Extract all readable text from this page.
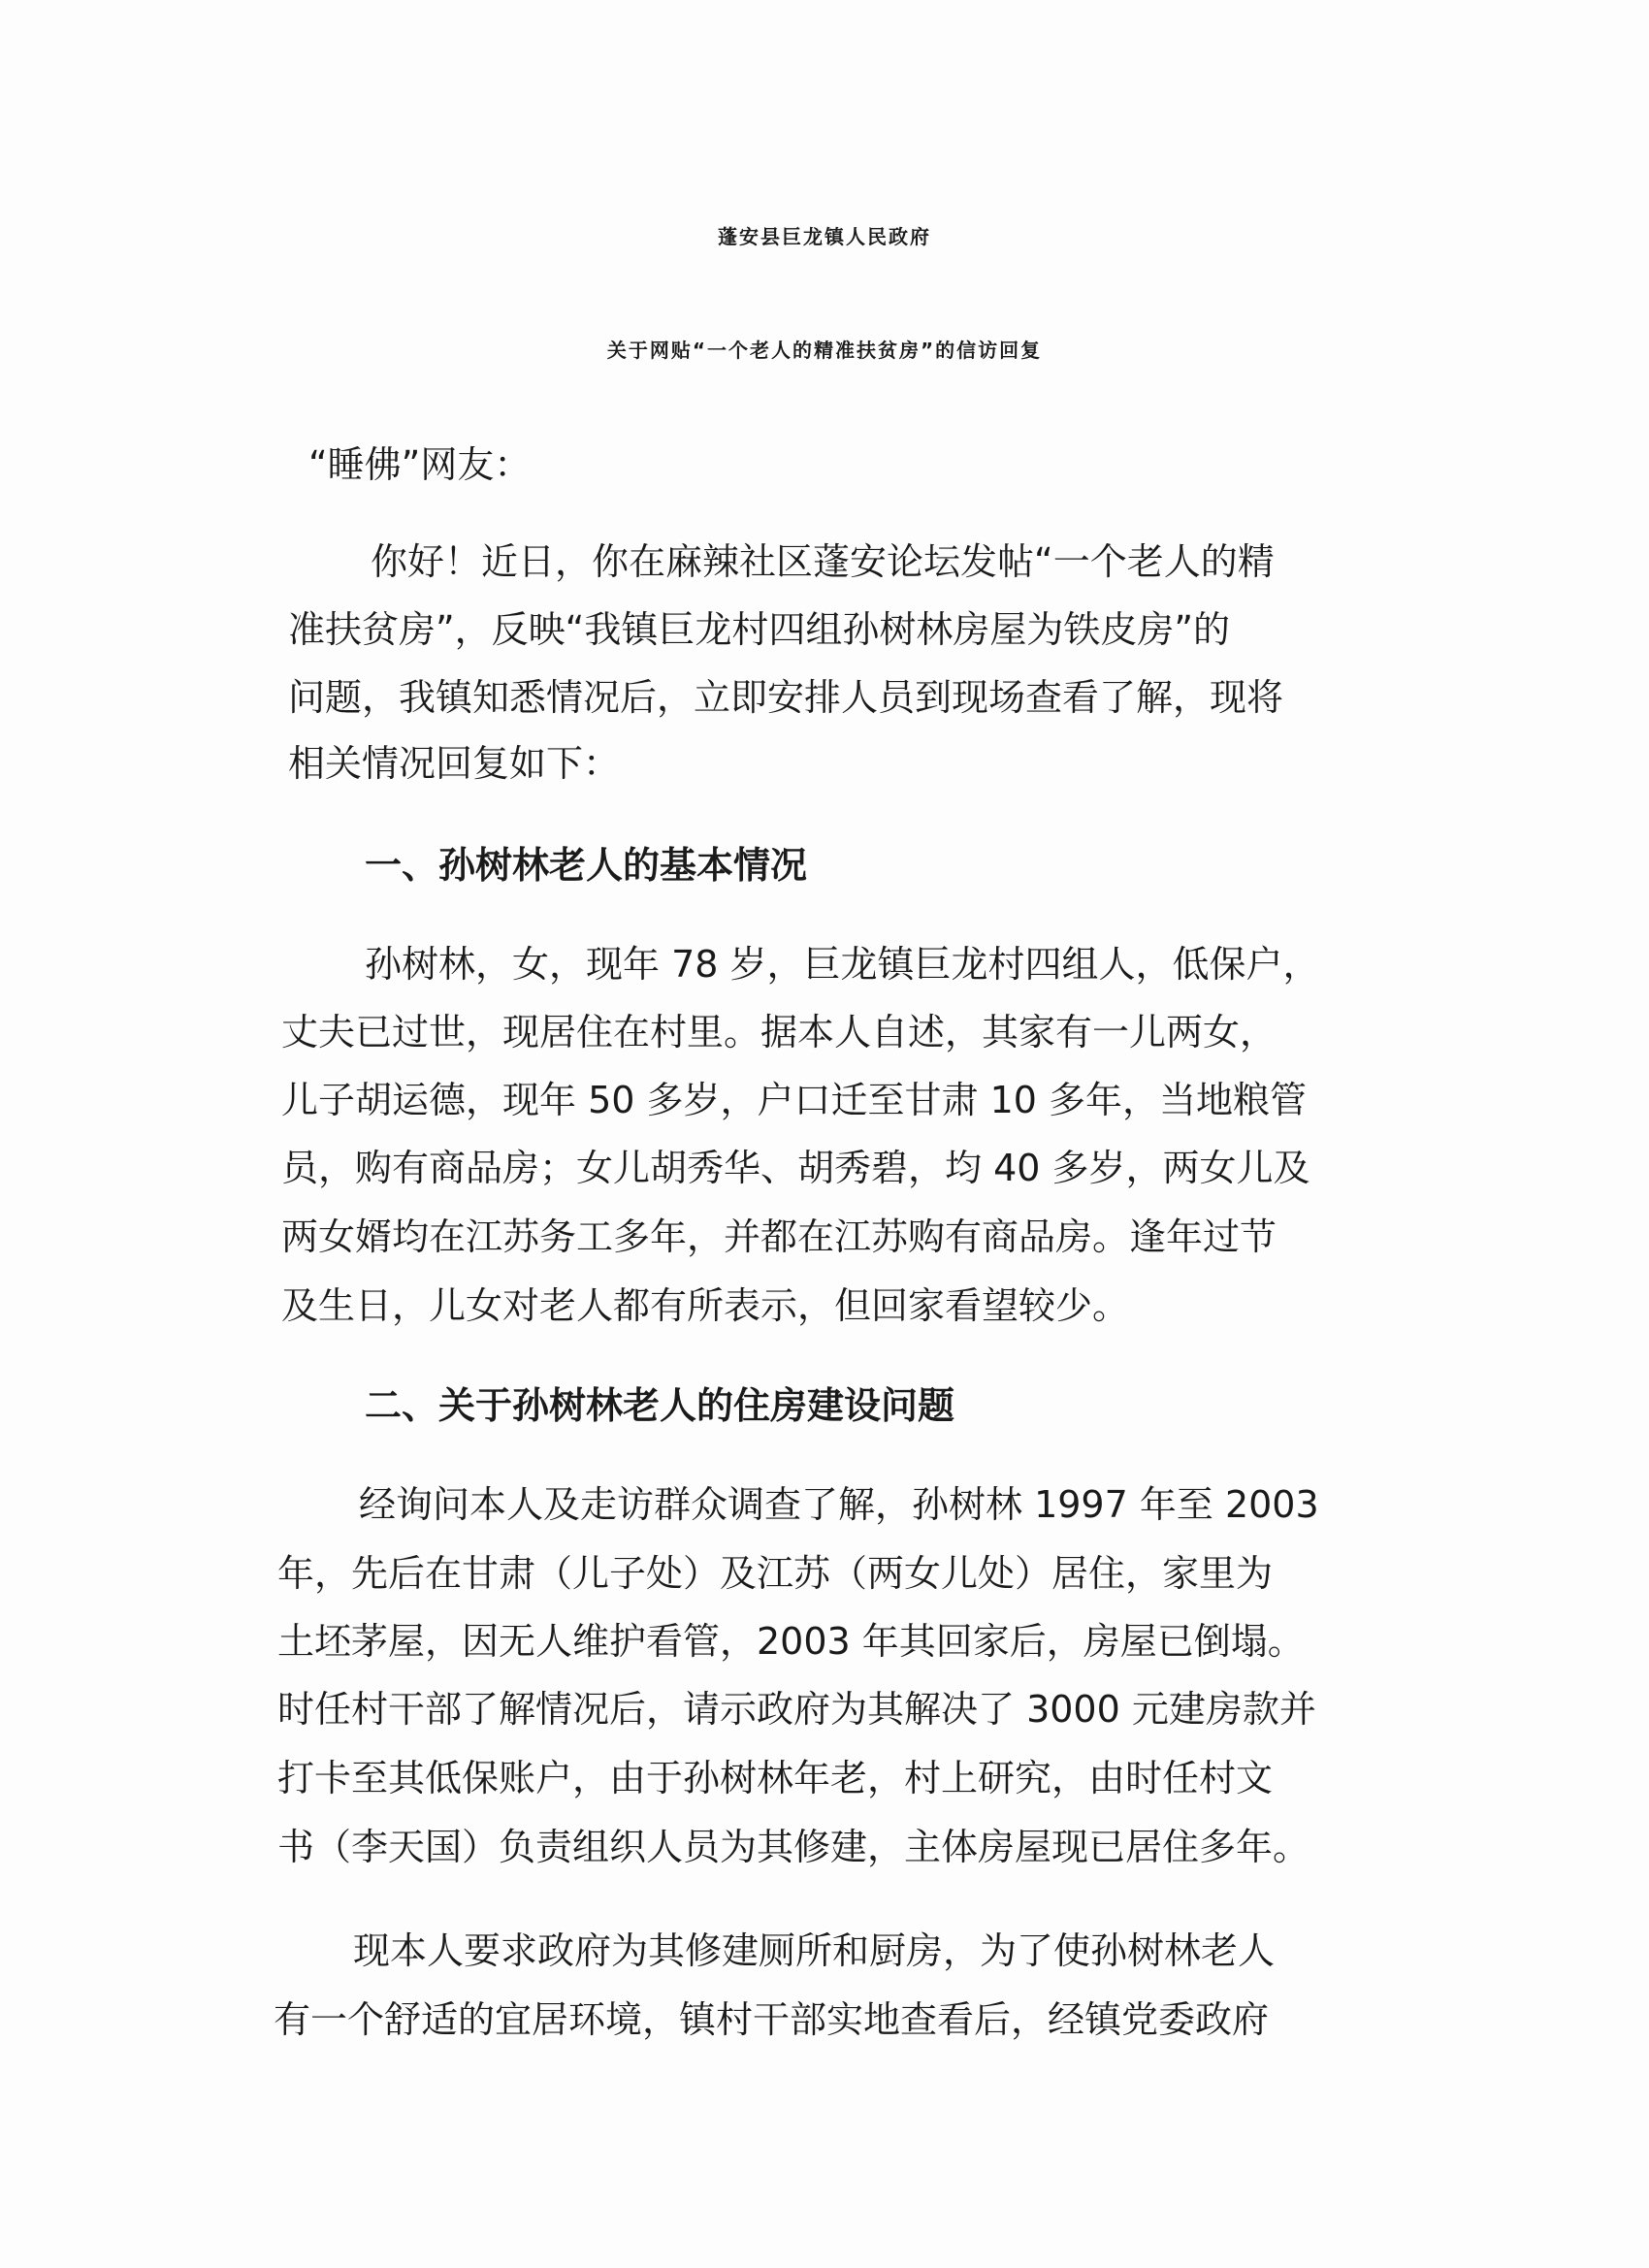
蓬安县巨龙镇人民政府
关于网贴“一个老人的精准扶贫房”的信访回复
“睡佛”网友：
你好！近日，你在麻辣社区蓬安论坛发帖“一个老人的精
准扶贫房”，反映“我镇巨龙村四组孙树林房屋为铁皮房”的
问题，我镇知悉情况后，立即安排人员到现场查看了解，现将
相关情况回复如下：
一、孙树林老人的基本情况
孙树林，女，现年 78 岁，巨龙镇巨龙村四组人，低保户，
丈夫已过世，现居住在村里。据本人自述，其家有一儿两女，
儿子胡运德，现年 50 多岁，户口迁至甘肃 10 多年，当地粮管
员，购有商品房；女儿胡秀华、胡秀碧，均 40 多岁，两女儿及
两女婿均在江苏务工多年，并都在江苏购有商品房。逢年过节
及生日，儿女对老人都有所表示，但回家看望较少。
二、关于孙树林老人的住房建设问题
经询问本人及走访群众调查了解，孙树林 1997 年至 2003
年，先后在甘肃（儿子处）及江苏（两女儿处）居住，家里为
土坯茅屋，因无人维护看管，2003 年其回家后，房屋已倒塌。
时任村干部了解情况后，请示政府为其解决了 3000 元建房款并
打卡至其低保账户，由于孙树林年老，村上研究，由时任村文
书（李天国）负责组织人员为其修建，主体房屋现已居住多年。
现本人要求政府为其修建厕所和厨房，为了使孙树林老人
有一个舒适的宜居环境，镇村干部实地查看后，经镇党委政府
